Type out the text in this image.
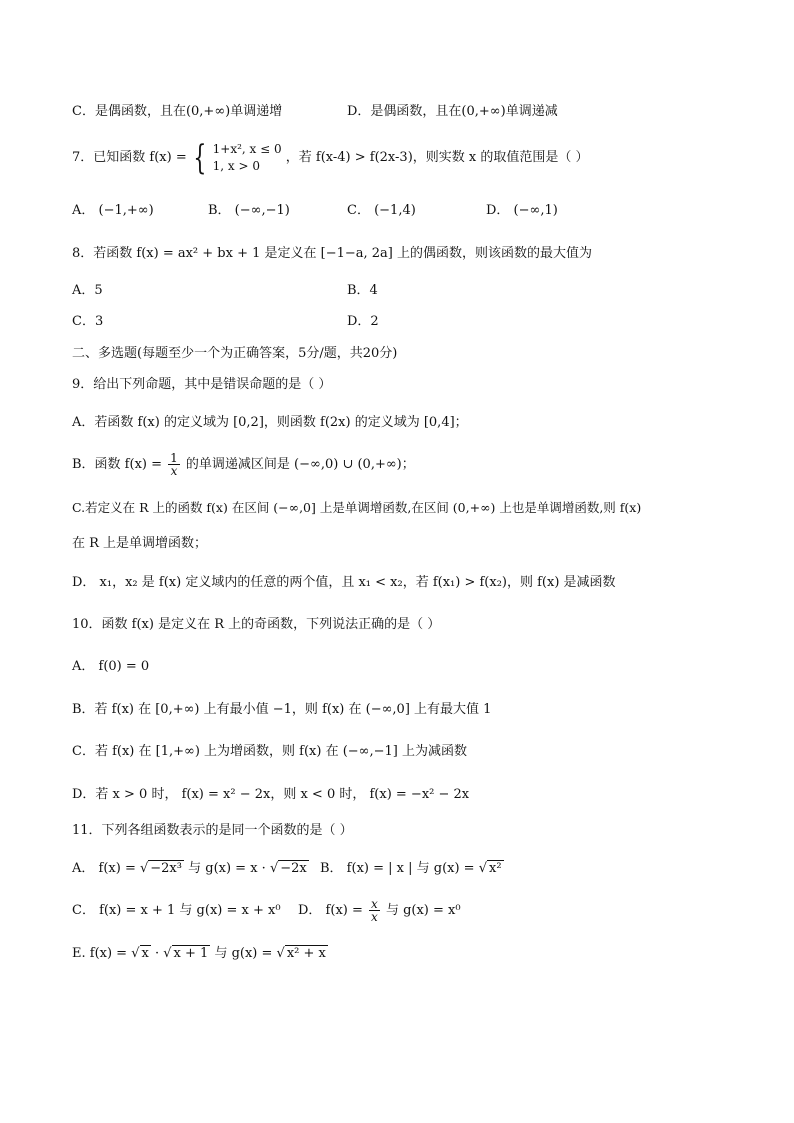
C．是偶函数，且在(0,+∞)单调递增	D．是偶函数，且在(0,+∞)单调递减
7．已知函数 f(x) = { 1+x², x ≤ 0
1, x > 0
，若 f(x-4) > f(2x-3)，则实数 x 的取值范围是（ ）
A． (−1,+∞)	B． (−∞,−1)	C． (−1,4)	D． (−∞,1)
8．若函数 f(x) = ax² + bx + 1 是定义在 [−1−a, 2a] 上的偶函数，则该函数的最大值为
A．5	B．4
C．3	D．2
二、多选题(每题至少一个为正确答案，5分/题，共20分)
9．给出下列命题，其中是错误命题的是（ ）
A．若函数 f(x) 的定义域为 [0,2]，则函数 f(2x) 的定义域为 [0,4]；
B．函数 $f(x) = \frac{1}{x}$ 的单调递减区间是 (−∞,0) ∪ (0,+∞)；
C.若定义在 R 上的函数 f(x) 在区间 (−∞,0] 上是单调增函数,在区间 (0,+∞) 上也是单调增函数,则 f(x)
在 R 上是单调增函数；
D． x₁，x₂ 是 f(x) 定义域内的任意的两个值，且 x₁ < x₂，若 f(x₁) > f(x₂)，则 f(x) 是减函数
10．函数 f(x) 是定义在 R 上的奇函数，下列说法正确的是（ ）
A． f(0) = 0
B．若 f(x) 在 [0,+∞) 上有最小值 −1，则 f(x) 在 (−∞,0] 上有最大值 1
C．若 f(x) 在 [1,+∞) 上为增函数，则 f(x) 在 (−∞,−1] 上为减函数
D．若 x > 0 时， f(x) = x² − 2x，则 x < 0 时， f(x) = −x² − 2x
11．下列各组函数表示的是同一个函数的是（ ）
A． f(x) = √ −2x³ 与 g(x) = x · √ −2x B． f(x) = | x | 与 g(x) = √ x²
C． f(x) = x + 1 与 g(x) = x + x⁰ D． $f(x) = \frac{x}{x}$ 与 g(x) = x⁰
E. f(x) = √ x · √ x + 1 与 g(x) = √ x² + x
